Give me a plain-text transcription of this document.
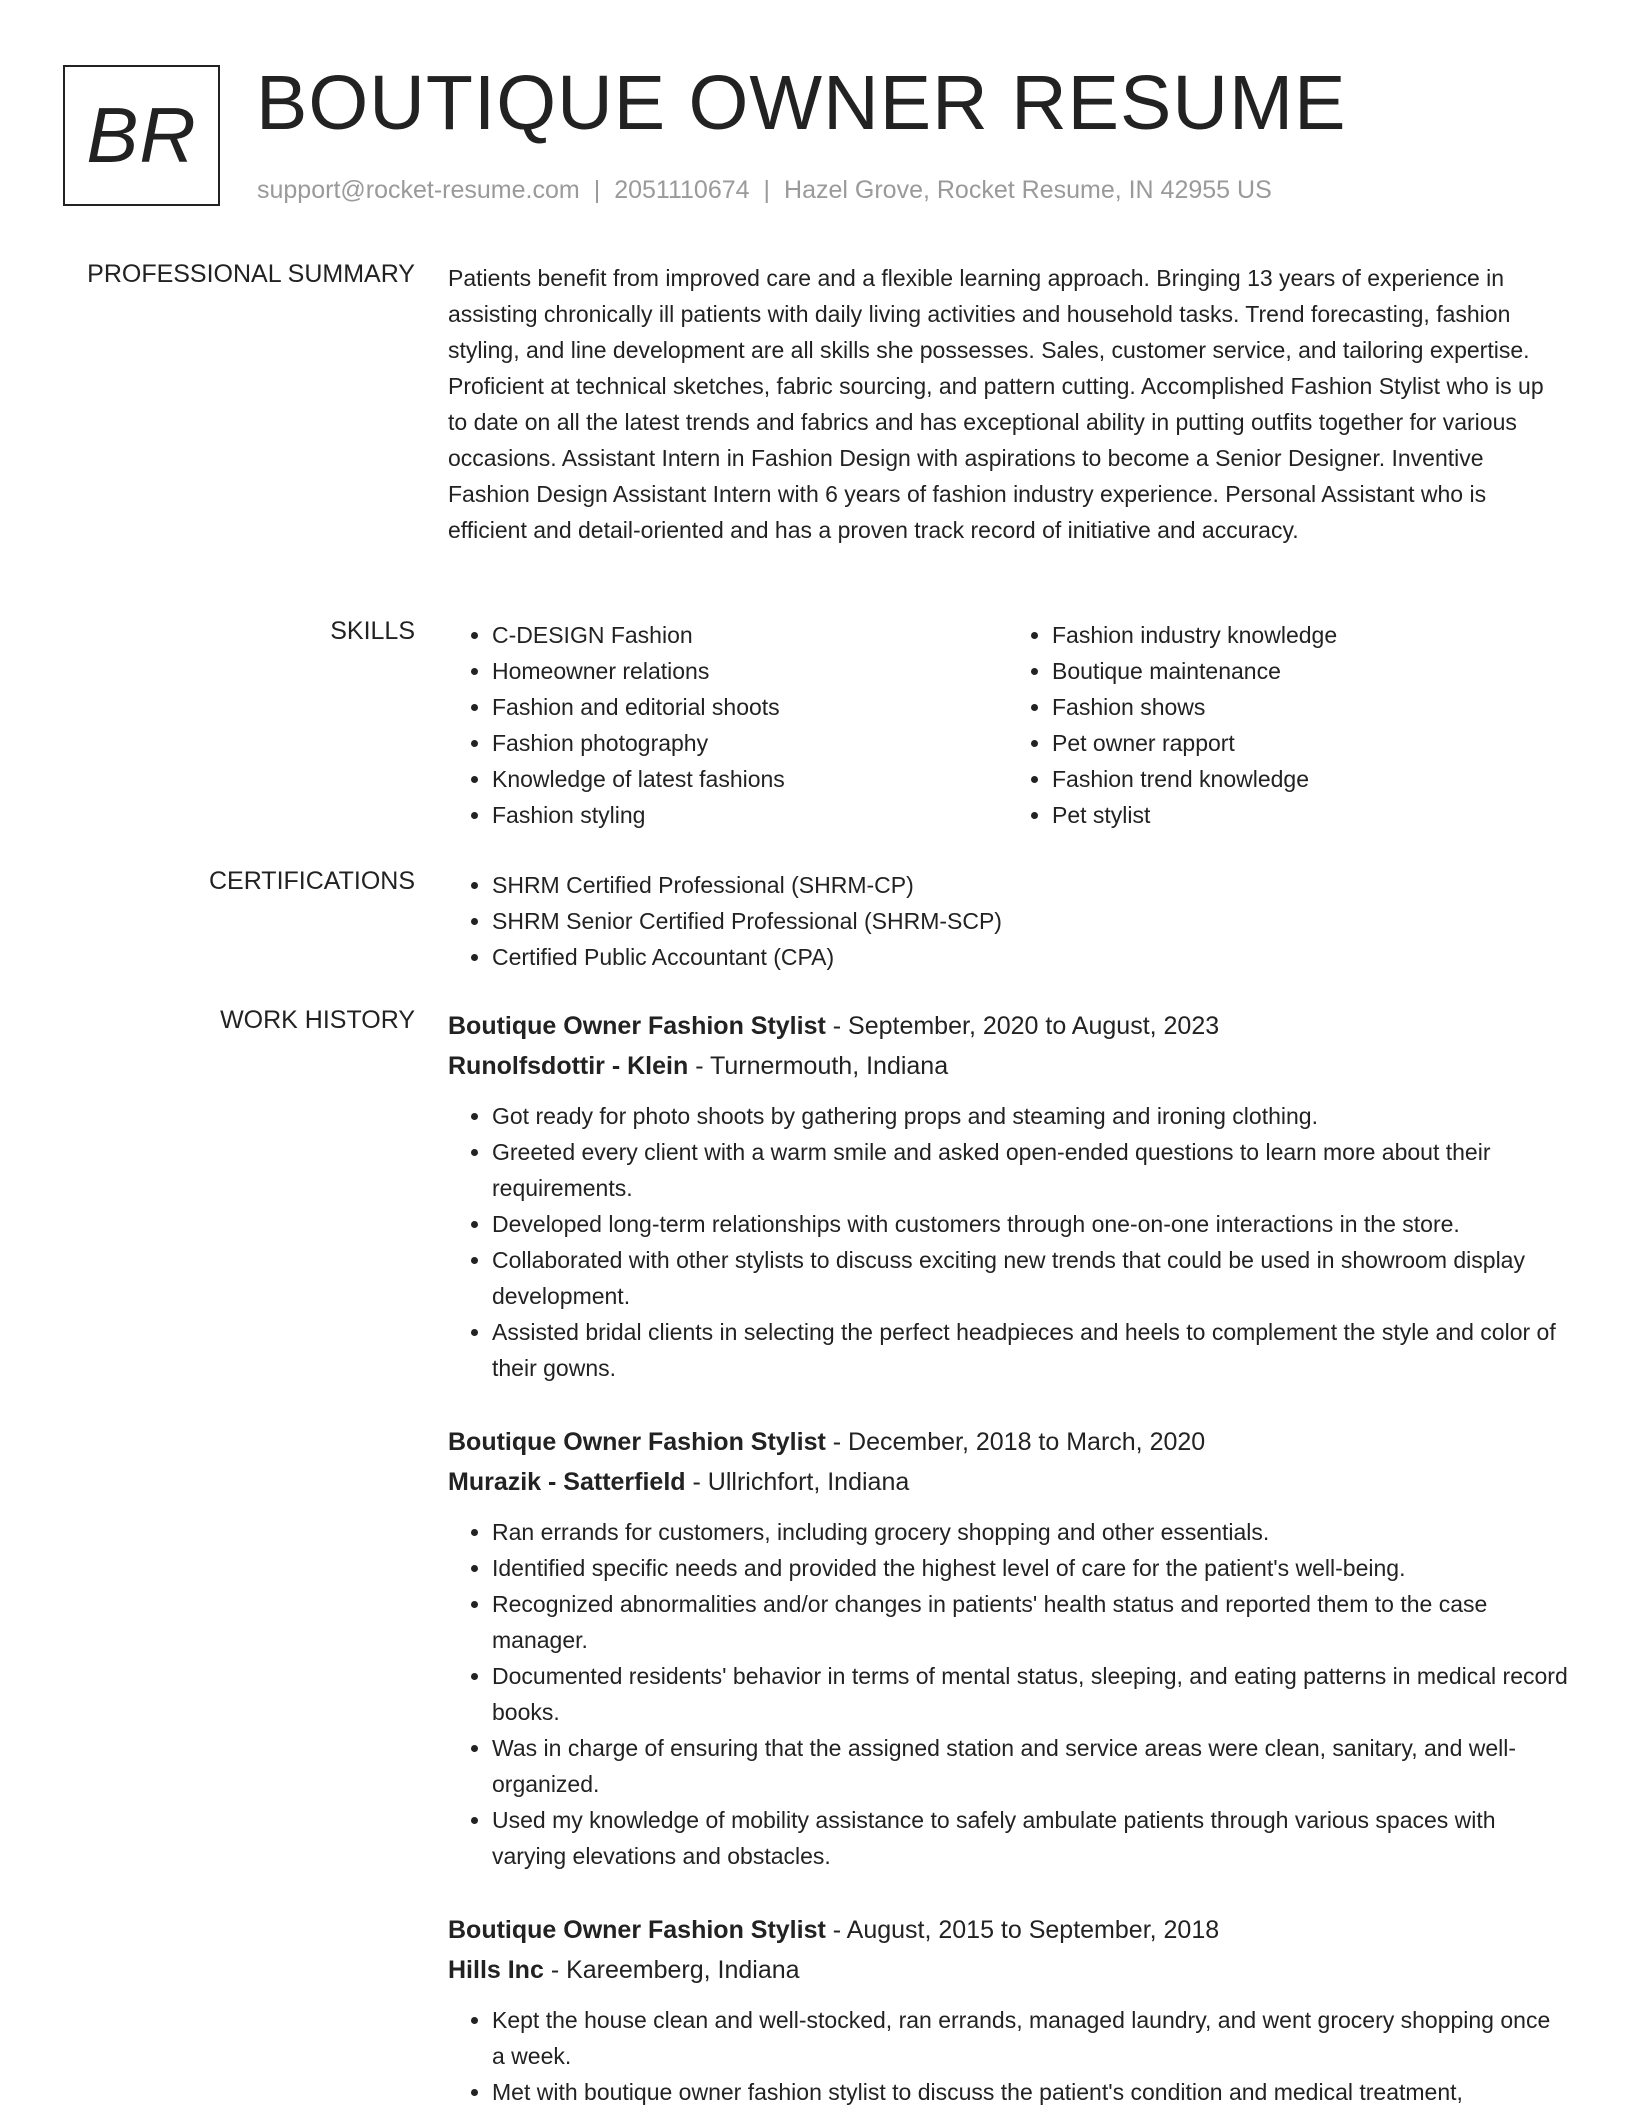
BR BOUTIQUE OWNER RESUME

support@rocket-resume.com | 2051110674 | Hazel Grove, Rocket Resume, IN 42955 US

PROFESSIONAL SUMMARY Patients benefit from improved care and a flexible learning approach. Bringing 13 years of experience in assisting chronically ill patients with daily living activities and household tasks. Trend forecasting, fashion styling, and line development are all skills she possesses. Sales, customer service, and tailoring expertise. Proficient at technical sketches, fabric sourcing, and pattern cutting. Accomplished Fashion Stylist who is up to date on all the latest trends and fabrics and has exceptional ability in putting outfits together for various occasions. Assistant Intern in Fashion Design with aspirations to become a Senior Designer. Inventive Fashion Design Assistant Intern with 6 years of fashion industry experience. Personal Assistant who is efficient and detail-oriented and has a proven track record of initiative and accuracy.

SKILLS	• C-DESIGN Fashion
• Homeowner relations
• Fashion and editorial shoots
• Fashion photography
• Knowledge of latest fashions
• Fashion styling
• Fashion industry knowledge
• Boutique maintenance
• Fashion shows
• Pet owner rapport
• Fashion trend knowledge
• Pet stylist
CERTIFICATIONS	• SHRM Certified Professional (SHRM-CP)
• SHRM Senior Certified Professional (SHRM-SCP)
• Certified Public Accountant (CPA)
WORK HISTORY Boutique Owner Fashion Stylist - September, 2020 to August, 2023

Runolfsdottir - Klein - Turnermouth, Indiana

• Got ready for photo shoots by gathering props and steaming and ironing clothing.
• Greeted every client with a warm smile and asked open-ended questions to learn more about their requirements.
• Developed long-term relationships with customers through one-on-one interactions in the store.
• Collaborated with other stylists to discuss exciting new trends that could be used in showroom display development.
• Assisted bridal clients in selecting the perfect headpieces and heels to complement the style and color of their gowns.

Boutique Owner Fashion Stylist - December, 2018 to March, 2020

Murazik - Satterfield - Ullrichfort, Indiana

• Ran errands for customers, including grocery shopping and other essentials.
• Identified specific needs and provided the highest level of care for the patient's well-being.
• Recognized abnormalities and/or changes in patients' health status and reported them to the case manager.
• Documented residents' behavior in terms of mental status, sleeping, and eating patterns in medical record books.
• Was in charge of ensuring that the assigned station and service areas were clean, sanitary, and well-organized.
• Used my knowledge of mobility assistance to safely ambulate patients through various spaces with varying elevations and obstacles.

Boutique Owner Fashion Stylist - August, 2015 to September, 2018

Hills Inc - Kareemberg, Indiana

• Kept the house clean and well-stocked, ran errands, managed laundry, and went grocery shopping once a week.
• Met with boutique owner fashion stylist to discuss the patient's condition and medical treatment,
